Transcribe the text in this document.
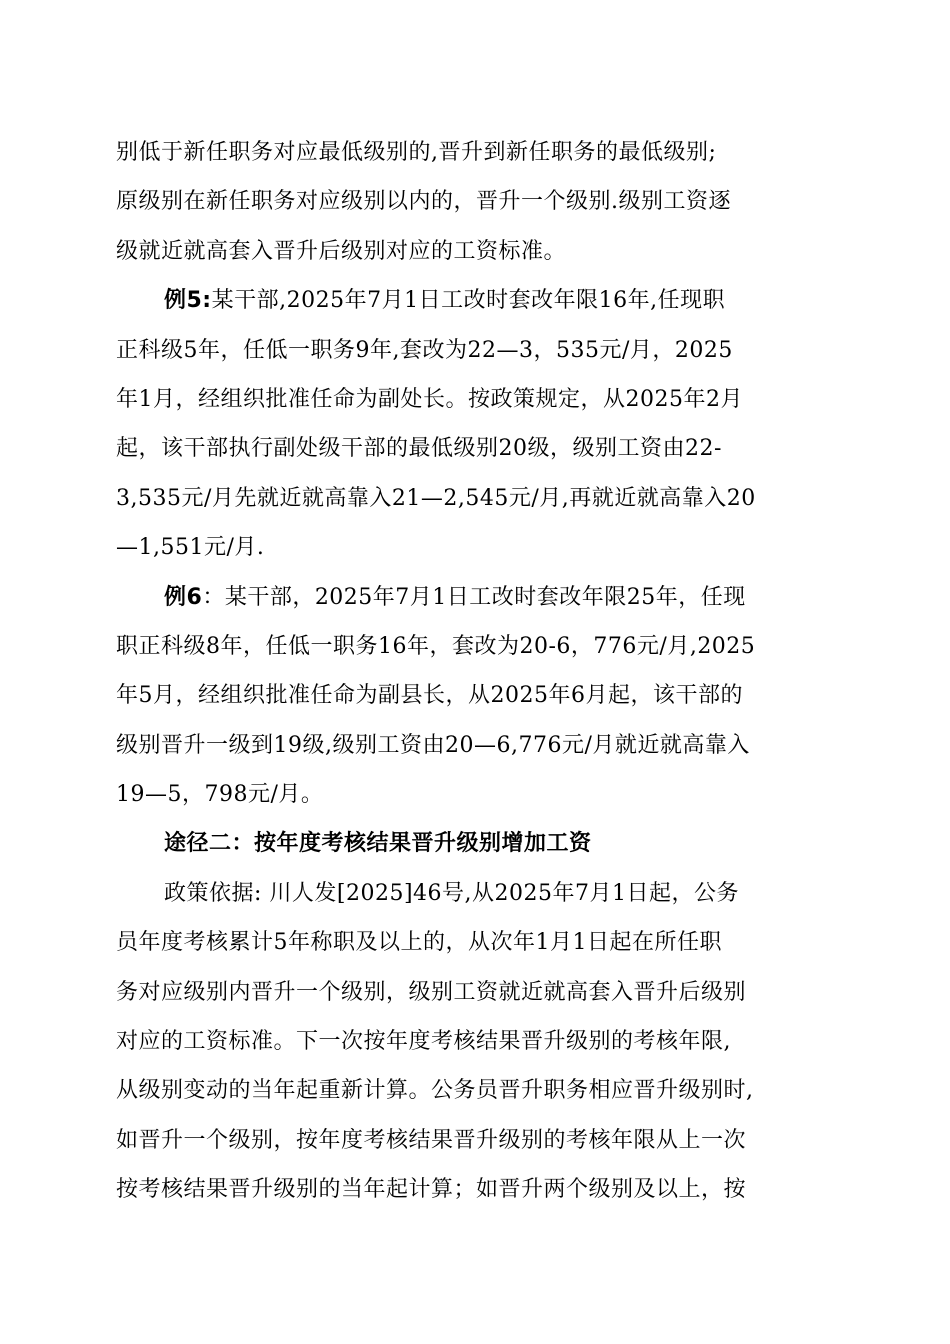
别低于新任职务对应最低级别的,晋升到新任职务的最低级别;
原级别在新任职务对应级别以内的，晋升一个级别.级别工资逐
级就近就高套入晋升后级别对应的工资标准。
例5:某干部,2025年7月1日工改时套改年限16年,任现职
正科级5年，任低一职务9年,套改为22—3，535元/月，2025
年1月，经组织批准任命为副处长。按政策规定，从2025年2月
起，该干部执行副处级干部的最低级别20级，级别工资由22-
3,535元/月先就近就高靠入21—2,545元/月,再就近就高靠入20
—1,551元/月.
例6：某干部，2025年7月1日工改时套改年限25年，任现
职正科级8年，任低一职务16年，套改为20-6，776元/月,2025
年5月，经组织批准任命为副县长，从2025年6月起，该干部的
级别晋升一级到19级,级别工资由20—6,776元/月就近就高靠入
19—5，798元/月。
途径二：按年度考核结果晋升级别增加工资
政策依据: 川人发[2025]46号,从2025年7月1日起，公务
员年度考核累计5年称职及以上的，从次年1月1日起在所任职
务对应级别内晋升一个级别，级别工资就近就高套入晋升后级别
对应的工资标准。下一次按年度考核结果晋升级别的考核年限,
从级别变动的当年起重新计算。公务员晋升职务相应晋升级别时,
如晋升一个级别，按年度考核结果晋升级别的考核年限从上一次
按考核结果晋升级别的当年起计算；如晋升两个级别及以上，按
